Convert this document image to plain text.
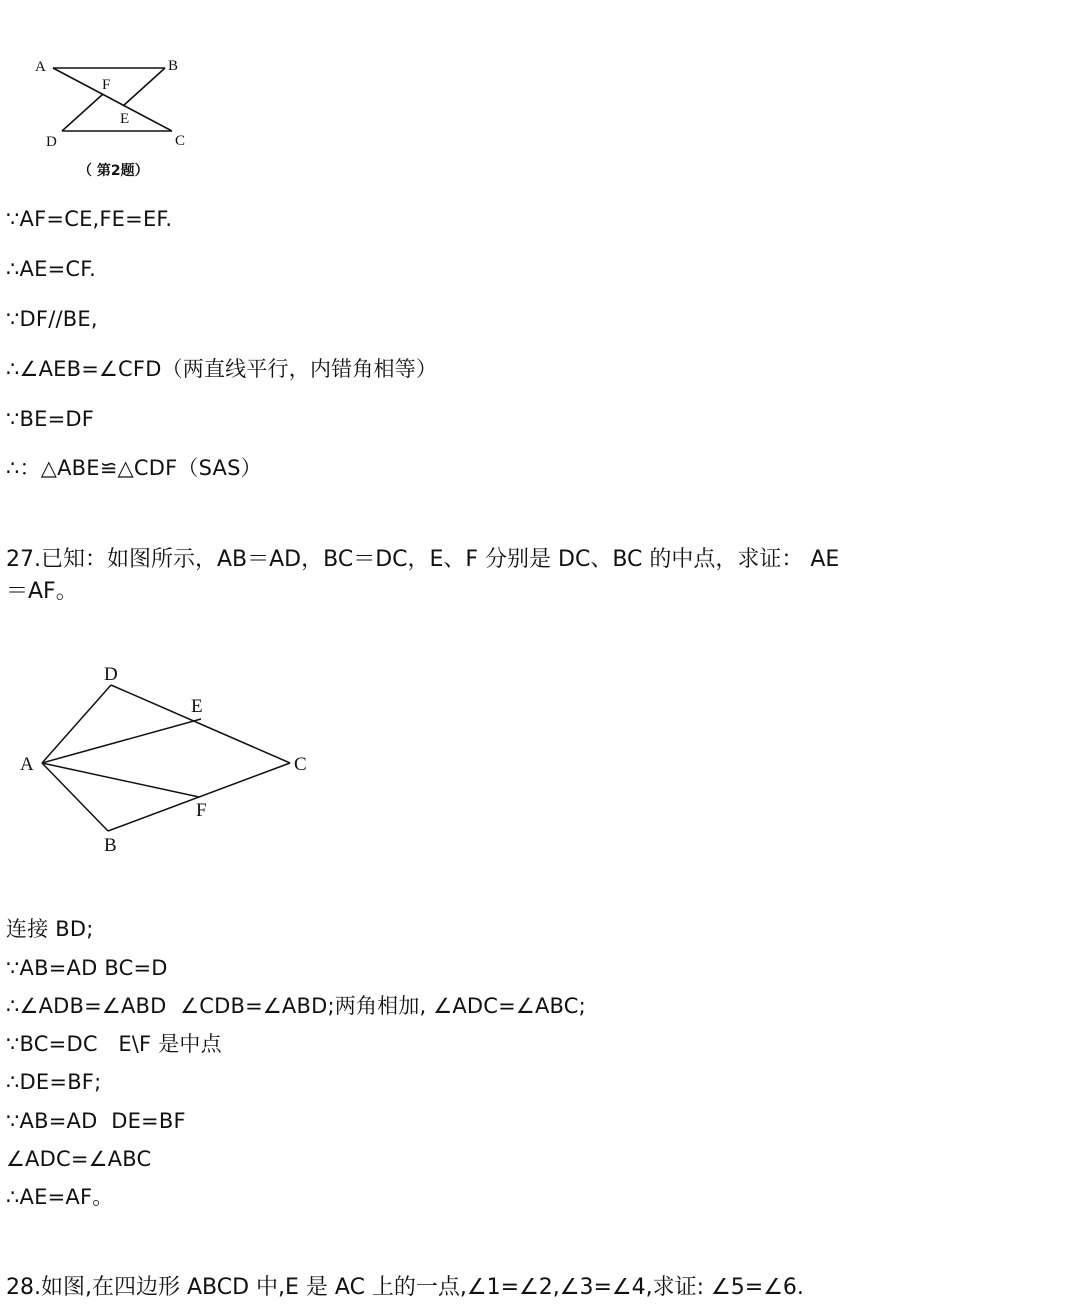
A	B
F
E
D	C
（ 第2题）
∵AF=CE,FE=EF.
∴AE=CF.
∵DF//BE,
∴∠AEB=∠CFD（两直线平行，内错角相等）
∵BE=DF
∴：△ABE≌△CDF（SAS）
27.已知：如图所示，AB＝AD，BC＝DC，E、F 分别是 DC、BC 的中点，求证： AE
＝AF。
D
E
A	C
F
B
连接 BD;
∵AB=AD BC=D
∴∠ADB=∠ABD  ∠CDB=∠ABD;两角相加, ∠ADC=∠ABC;
∵BC=DC   E\F 是中点
∴DE=BF;
∵AB=AD  DE=BF
∠ADC=∠ABC
∴AE=AF。
28.如图,在四边形 ABCD 中,E 是 AC 上的一点,∠1=∠2,∠3=∠4,求证: ∠5=∠6.
